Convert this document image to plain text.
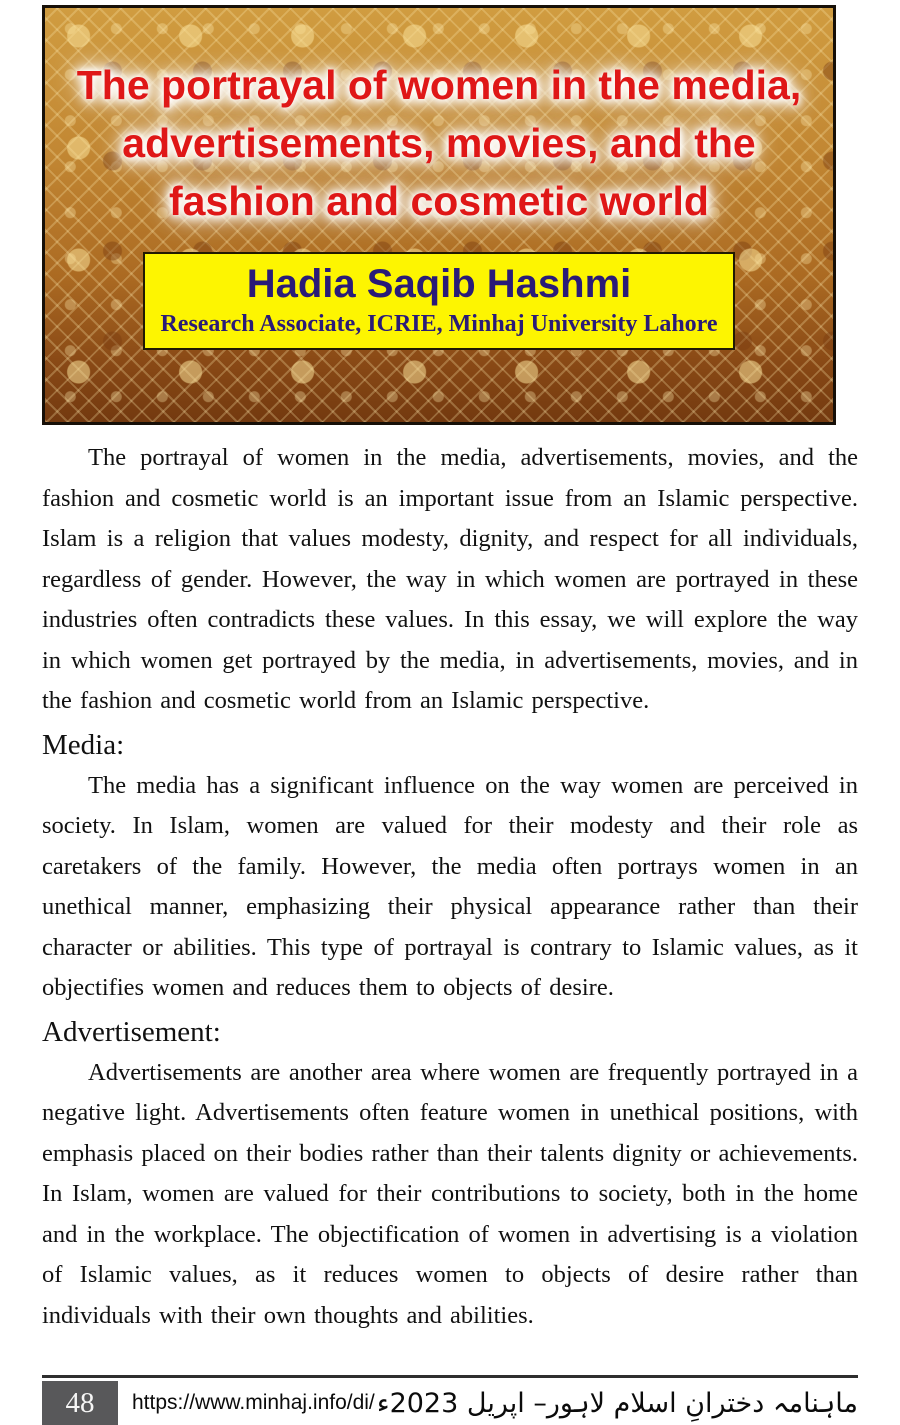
The portrayal of women in the media,
advertisements, movies, and the
fashion and cosmetic world
Hadia Saqib Hashmi
Research Associate, ICRIE, Minhaj University Lahore

The portrayal of women in the media, advertisements, movies, and the fashion and cosmetic world is an important issue from an Islamic perspective. Islam is a religion that values modesty, dignity, and respect for all individuals, regardless of gender. However, the way in which women are portrayed in these industries often contradicts these values. In this essay, we will explore the way in which women get portrayed by the media, in advertisements, movies, and in the fashion and cosmetic world from an Islamic perspective.

Media:

The media has a significant influence on the way women are perceived in society. In Islam, women are valued for their modesty and their role as caretakers of the family. However, the media often portrays women in an unethical manner, emphasizing their physical appearance rather than their character or abilities. This type of portrayal is contrary to Islamic values, as it objectifies women and reduces them to objects of desire.

Advertisement:

Advertisements are another area where women are frequently portrayed in a negative light. Advertisements often feature women in unethical positions, with emphasis placed on their bodies rather than their talents dignity or achievements. In Islam, women are valued for their contributions to society, both in the home and in the workplace. The objectification of women in advertising is a violation of Islamic values, as it reduces women to objects of desire rather than individuals with their own thoughts and abilities.

48	https://www.minhaj.info/di/ ماہنامہ دخترانِ اسلام لاہور– اپریل 2023ء
